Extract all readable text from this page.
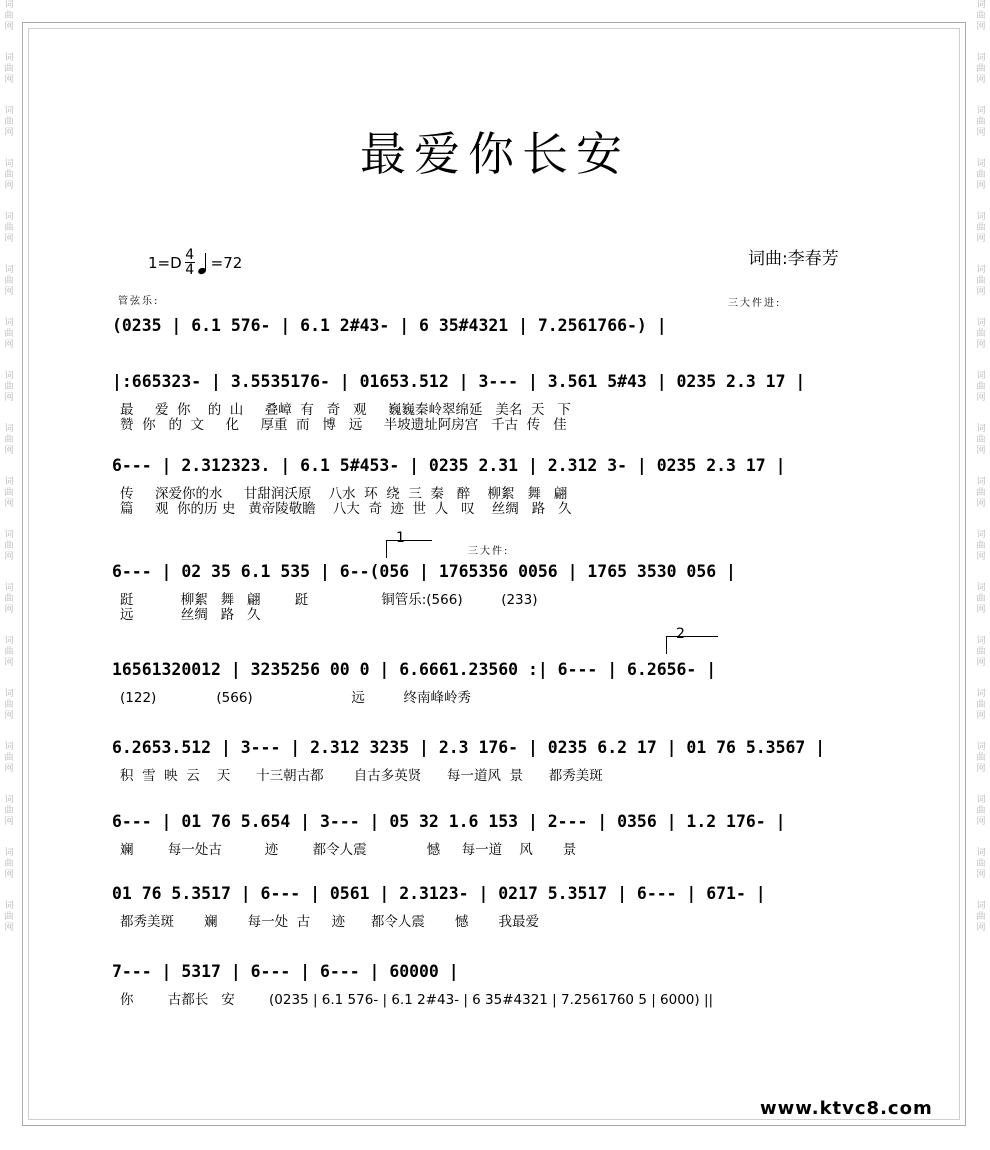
词
曲
网
词
曲
网
词
曲
网
词
曲
网
词
曲
网
词
曲
网
词
曲
网
词
曲
网
词
曲
网
词
曲
网
词
曲
网
词
曲
网
词
曲
网
词
曲
网
词
曲
网
词
曲
网
词
曲
网
词
曲
网
词
曲
网
词
曲
网
词
曲
网
词
曲
网
词
曲
网
词
曲
网
词
曲
网
词
曲
网
词
曲
网
词
曲
网
词
曲
网
词
曲
网
词
曲
网
词
曲
网
词
曲
网
词
曲
网
词
曲
网
词
曲
网
最爱你长安
$1=D \frac{4}{4} =72$	词曲:李春芳
管弦乐:	三大件进:
三大件:
1
2
(0235 | 6.1 576- | 6.1 2#43- | 6 35#4321 | 7.2561766-) |
|:665323- | 3.5535176- | 01653.512 | 3--- | 3.561 5#43 | 0235 2.3 17 |
最     爱  你    的  山     叠嶂  有   奇   观     巍巍秦岭翠绵延   美名  天   下
赞  你   的  文     化     厚重  而   博   远     半坡遗址阿房宫   千古  传   佳
6--- | 2.312323. | 6.1 5#453- | 0235 2.31 | 2.312 3- | 0235 2.3 17 |
传     深爱你的水     甘甜润沃原    八水  环  绕  三  秦   醉    柳絮   舞   翩
篇     观  你的历 史   黄帝陵敬瞻    八大  奇  迹  世  人   叹    丝绸   路   久
6--- | 02 35 6.1 535 | 6--(056 | 1765356 0056 | 1765 3530 056 |
跹           柳絮   舞   翩        跹                 铜管乐:(566)         (233)
远           丝绸   路   久
16561320012 | 3235256 00 0 | 6.6661.23560 :| 6--- | 6.2656- |
(122)              (566)                       远         终南峰岭秀
6.2653.512 | 3--- | 2.312 3235 | 2.3 176- | 0235 6.2 17 | 01 76 5.3567 |
积  雪  映  云    天      十三朝古都       自古多英贤      每一道风  景      都秀美斑
6--- | 01 76 5.654 | 3--- | 05 32 1.6 153 | 2--- | 0356 | 1.2 176- |
斓        每一处古          迹        都令人震              憾     每一道    风       景
01 76 5.3517 | 6--- | 0561 | 2.3123- | 0217 5.3517 | 6--- | 671- |
都秀美斑       斓       每一处  古     迹      都令人震       憾       我最爱
7--- | 5317 | 6--- | 6--- | 60000 |
你        古都长   安        (0235 | 6.1 576- | 6.1 2#43- | 6 35#4321 | 7.2561760 5 | 6000) ||
www.ktvc8.com
